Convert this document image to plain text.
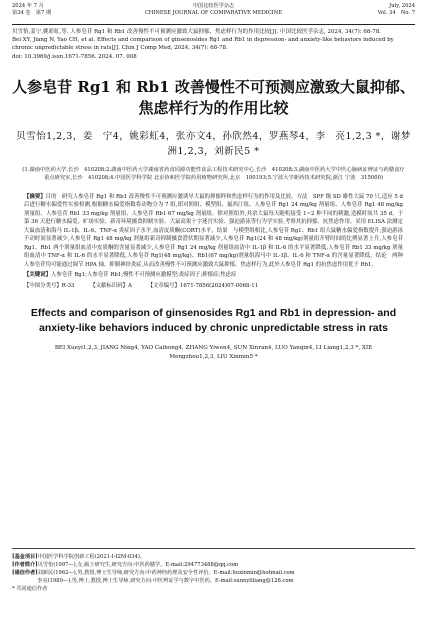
2024 年 7 月
第34 卷　第7 期
中国比较医学杂志
CHINESE JOURNAL OF COMPARATIVE MEDICINE
July, 2024
Vol. 34　No. 7
贝雪怡,姜宁,姚彩虹,等. 人参皂苷 Rg1 和 Rb1 改善慢性不可预测应激致大鼠抑郁、焦虑样行为的作用比较[J]. 中国比较医学杂志, 2024, 34(7): 68-78.
Bei XY, Jiang N, Yao CH, et al. Effects and comparison of ginsenosides Rg1 and Rb1 in depression- and anxiety-like behaviors induced by chronic unpredictable stress in rats[J]. Chin J Comp Med, 2024, 34(7): 68-78.
doi: 10.3969/j.issn.1671-7856. 2024. 07. 008
人参皂苷 Rg1 和 Rb1 改善慢性不可预测应激致大鼠抑郁、焦虑样行为的作用比较
贝雪怡1,2,3，姜　宁4，姚彩虹4，张亦文4，孙欣然4，罗燕琴4，李　亮1,2,3 *，谢梦洲1,2,3，刘新民5 *
(1.湖南中医药大学,长沙　410208;2.湖南中医药大学湖南省药食同源功能性食品工程技术研究中心,长沙　410208;3.湖南中医药大学中医心脑病证辨证与药膳食疗重点研究室,长沙　410208;4.中国医学科学院 北京协和医学院药用植物研究所,北京　100193;5.宁波大学新药技术研究院,浙江 宁波　315000)
【摘要】目的　研究人参皂苷 Rg1 和 Rb1 改善慢性不可预测应激诱导大鼠的抑郁样和焦虑样行为的作用及比较。方法　SPF 级 SD 雄性大鼠 70 只,适应 5 d 后进行糖水偏爱性实验检测,根据糖水偏爱指数将动物分为 7 组,即对照组、模型组、氟西汀组、人参皂苷 Rg1 24 mg/kg 剂量组、人参皂苷 Rg1 48 mg/kg 剂量组、人参皂苷 Rb1 33 mg/kg 剂量组、人参皂苷 Rb1 67 mg/kg 剂量组。除对照组外,其余大鼠每天随机接受 1~2 种不同的刺激,造模时间共 35 d。于第 36 天进行糖水偏爱、旷场实验、新奇环境摄食抑制实验、大鼠高架十字迷宫实验、强迫游泳等行为学实验,考察其抗抑郁、抗焦虑作用。采用 ELISA 法测定大鼠血清和海马 IL-1β、IL-6、TNF-α 炎症因子水平,血清皮质酮(CORT)水平。结果　与模型组相比,人参皂苷 Rg1、Rb1 组大鼠糖水偏爱指数提升,强迫游泳不动时间显著减少,人参皂苷 Rg1 48 mg/kg 剂量组新奇抑制摄食潜伏期显著减少,人参皂苷 Rg1(24 和 48 mg/kg)剂量组开臂时间的比例显著上升,人参皂苷 Rg1、Rb1 两个剂量组血清中皮质酮的含量显著减少,人参皂苷 Rg1 24 mg/kg 剂量组血清中 IL-1β 和 IL-6 的水平显著降低,人参皂苷 Rb1 33 mg/kg 剂量组血清中 TNF-α 和 IL-6 的水平显著降低,人参皂苷 Rg1(48 mg/kg)、Rb1(67 mg/kg)剂量组海马中 IL-1β、IL-6 和 TNF-α 的含量显著降低。结论　两种人参皂苷均可能通过调节 HPA 轴、抑制神经炎症,从而改善慢性不可预测应激致大鼠抑郁、焦虑样行为,此外人参皂苷 Rg1 的抗焦虑作用优于 Rb1。
【关键词】人参皂苷 Rg1;人参皂苷 Rb1;慢性不可预测应激模型;炎症因子;抑郁症;焦虑症
【中图分类号】R-33	【文献标识码】A	【文章编号】1671-7856(2024)07-0068-11
Effects and comparison of ginsenosides Rg1 and Rb1 in depression- and anxiety-like behaviors induced by chronic unpredictable stress in rats
BEI Xueyi1,2,3, JIANG Ning4, YAO Caihong4, ZHANG Yiwen4, SUN Xinran4, LUO Yanqin4, LI Liang1,2,3 *, XIE Mengzhou1,2,3, LIU Xinmin5 *
[基金项目] 中国医学科学院创新工程(2021-I-I2M-034)。
[作者简介] 贝雪怡(1997—),女,硕士研究生,研究方向:中医药膳学。E-mail:294773488@qq.com
[通信作者] 刘新民(1962—),男,教授,博士生导师,研究方向:中药神经药理及安全性评价。E-mail:liuxinmin@hotmail.com

李亮(1980—),男,博士,教授,博士生导师,研究方向:中医辨证学与数字中医药。E-mail:sunnyliliang@126.com
* 共同通信作者
